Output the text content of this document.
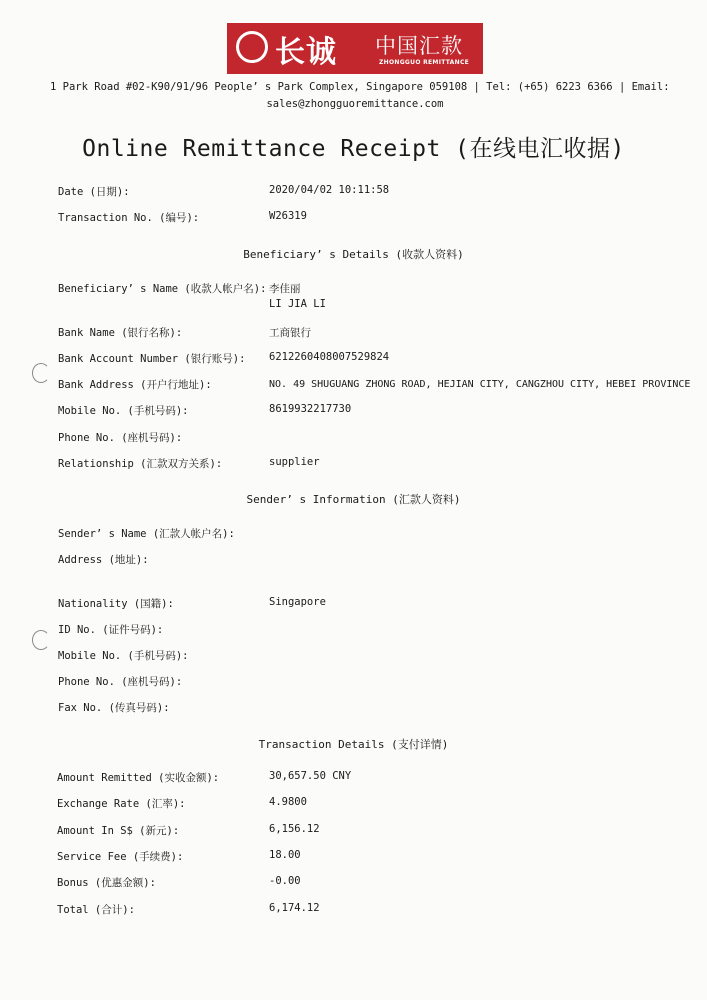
长诚 中国汇款
ZHONGGUO REMITTANCE
1 Park Road #02-K90/91/96 People’ s Park Complex, Singapore 059108 | Tel: (+65) 6223 6366 | Email:
sales@zhongguoremittance.com
Online Remittance Receipt (在线电汇收据)
Date (日期):	2020/04/02 10:11:58
Transaction No. (编号):	W26319
Beneficiary’ s Details (收款人资料)
Beneficiary’ s Name (收款人帐户名): 李佳丽
LI JIA LI
Bank Name (银行名称):	工商银行
Bank Account Number (银行账号): 6212260408007529824
Bank Address (开户行地址):	NO. 49 SHUGUANG ZHONG ROAD, HEJIAN CITY, CANGZHOU CITY, HEBEI PROVINCE
Mobile No. (手机号码):	8619932217730
Phone No. (座机号码):
Relationship (汇款双方关系):	supplier
Sender’ s Information (汇款人资料)
Sender’ s Name (汇款人帐户名):
Address (地址):
Nationality (国籍):	Singapore
ID No. (证件号码):
Mobile No. (手机号码):
Phone No. (座机号码):
Fax No. (传真号码):
Transaction Details (支付详情)
Amount Remitted (实收金额):	30,657.50 CNY
Exchange Rate (汇率):	4.9800
Amount In S$ (新元):	6,156.12
Service Fee (手续费):	18.00
Bonus (优惠金额):	-0.00
Total (合计):	6,174.12
